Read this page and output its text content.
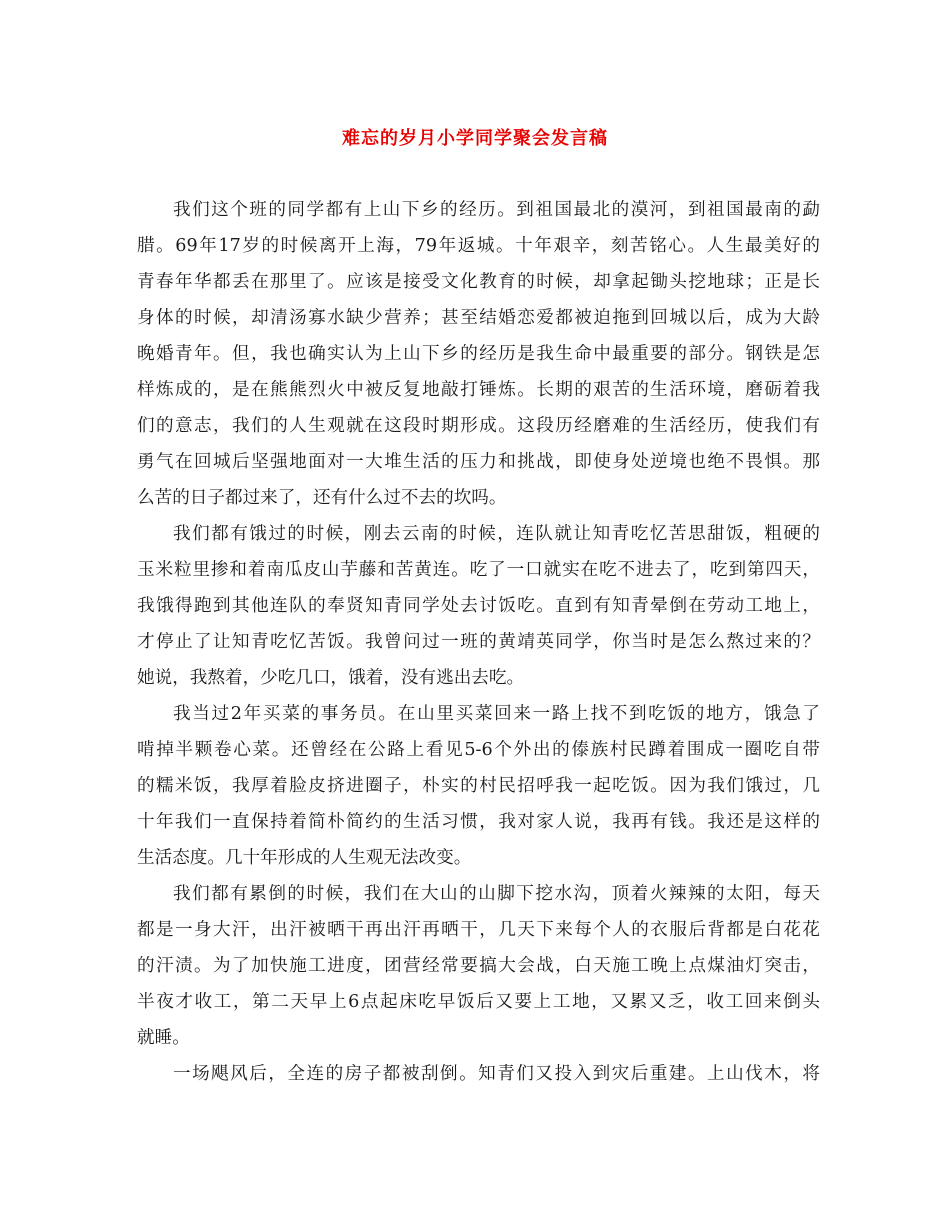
难忘的岁月小学同学聚会发言稿
我们这个班的同学都有上山下乡的经历。到祖国最北的漠河，到祖国最南的勐
腊。69年17岁的时候离开上海，79年返城。十年艰辛，刻苦铭心。人生最美好的
青春年华都丢在那里了。应该是接受文化教育的时候，却拿起锄头挖地球；正是长
身体的时候，却清汤寡水缺少营养；甚至结婚恋爱都被迫拖到回城以后，成为大龄
晚婚青年。但，我也确实认为上山下乡的经历是我生命中最重要的部分。钢铁是怎
样炼成的，是在熊熊烈火中被反复地敲打锤炼。长期的艰苦的生活环境，磨砺着我
们的意志，我们的人生观就在这段时期形成。这段历经磨难的生活经历，使我们有
勇气在回城后坚强地面对一大堆生活的压力和挑战，即使身处逆境也绝不畏惧。那
么苦的日子都过来了，还有什么过不去的坎吗。
我们都有饿过的时候，刚去云南的时候，连队就让知青吃忆苦思甜饭，粗硬的
玉米粒里掺和着南瓜皮山芋藤和苦黄连。吃了一口就实在吃不进去了，吃到第四天，
我饿得跑到其他连队的奉贤知青同学处去讨饭吃。直到有知青晕倒在劳动工地上，
才停止了让知青吃忆苦饭。我曾问过一班的黄靖英同学，你当时是怎么熬过来的？
她说，我熬着，少吃几口，饿着，没有逃出去吃。
我当过2年买菜的事务员。在山里买菜回来一路上找不到吃饭的地方，饿急了
啃掉半颗卷心菜。还曾经在公路上看见5-6个外出的傣族村民蹲着围成一圈吃自带
的糯米饭，我厚着脸皮挤进圈子，朴实的村民招呼我一起吃饭。因为我们饿过，几
十年我们一直保持着简朴简约的生活习惯，我对家人说，我再有钱。我还是这样的
生活态度。几十年形成的人生观无法改变。
我们都有累倒的时候，我们在大山的山脚下挖水沟，顶着火辣辣的太阳，每天
都是一身大汗，出汗被晒干再出汗再晒干，几天下来每个人的衣服后背都是白花花
的汗渍。为了加快施工进度，团营经常要搞大会战，白天施工晚上点煤油灯突击，
半夜才收工，第二天早上6点起床吃早饭后又要上工地，又累又乏，收工回来倒头
就睡。
一场飓风后，全连的房子都被刮倒。知青们又投入到灾后重建。上山伐木，将
